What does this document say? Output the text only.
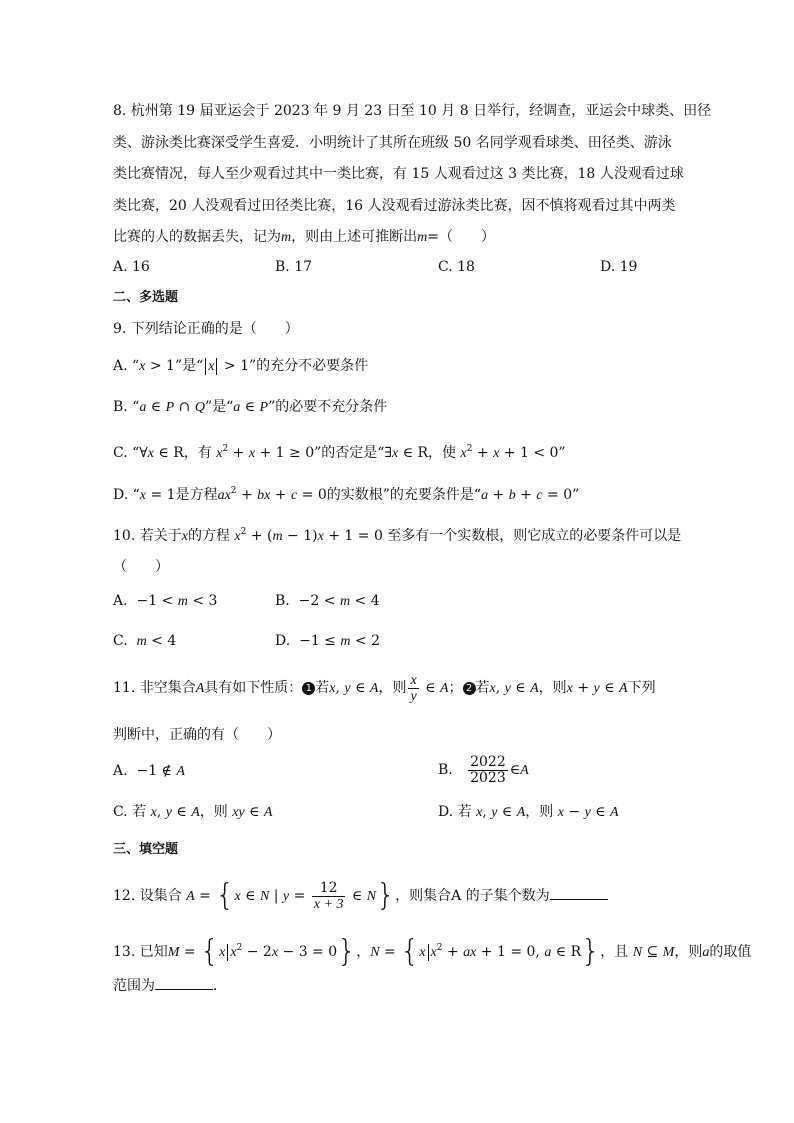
8. 杭州第 19 届亚运会于 2023 年 9 月 23 日至 10 月 8 日举行，经调查，亚运会中球类、田径
类、游泳类比赛深受学生喜爱．小明统计了其所在班级 50 名同学观看球类、田径类、游泳
类比赛情况，每人至少观看过其中一类比赛，有 15 人观看过这 3 类比赛，18 人没观看过球
类比赛，20 人没观看过田径类比赛，16 人没观看过游泳类比赛，因不慎将观看过其中两类
比赛的人的数据丢失，记为m，则由上述可推断出m=（　　）
A. 16	B. 17	C. 18	D. 19
二、多选题
9. 下列结论正确的是（　　）
A. “x > 1”是“ x > 1”的充分不必要条件
B. “a ∈ P ∩ Q”是“a ∈ P”的必要不充分条件
C. “∀x ∈ R，有 $x^2 + x + 1 \ge 0$”的否定是“∃x ∈ R，使 $x^2 + x + 1 < 0$”
D. “x = 1是方程$ax^2$ + bx + c = 0的实数根”的充要条件是“a + b + c = 0”
10. 若关于x的方程 $x^2 + (m - 1)x + 1 = 0$ 至多有一个实数根，则它成立的必要条件可以是
（　　）
A. −1 < m < 3	B. −2 < m < 4
C. m < 4	D. −1 ≤ m < 2
11. 非空集合A具有如下性质： 1 若x, y ∈ A，则 $\frac{x}{y}$ ∈ A； 2 若x, y ∈ A，则x + y ∈ A下列
判断中，正确的有（　　）
A. −1 ∉ A	B. $\frac{2022}{2023}$ ∈A
C. 若 x, y ∈ A，则 xy ∈ A	D. 若 x, y ∈ A，则 x − y ∈ A
三、填空题
12. 设集合 A = {x ∈ N | $y = \frac{12}{x + 3}$ ∈ N}，则集合A 的子集个数为
13. 已知M = {x $x^2 - 2x - 3 = 0$}，N = {x $x^2$ + ax + 1 = 0, a ∈ R}，且 N ⊆ M，则a的取值
范围为	．
